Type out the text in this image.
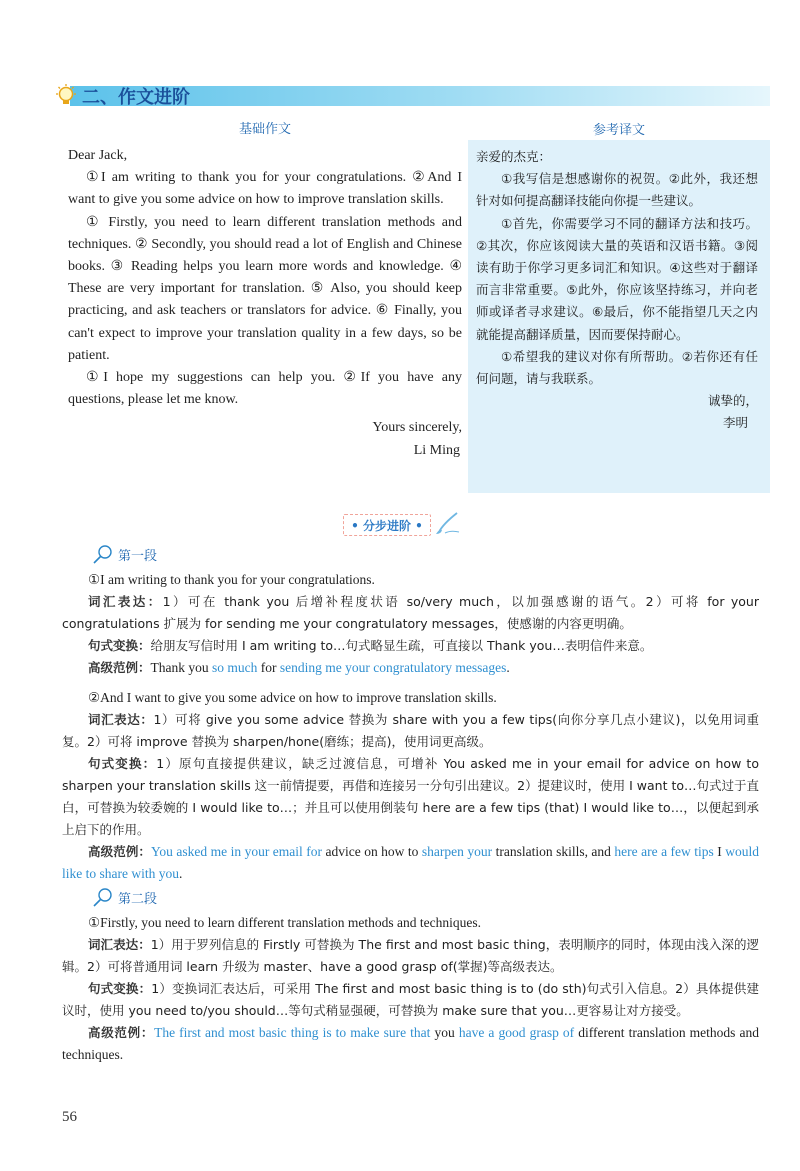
二、作文进阶
基础作文	参考译文

Dear Jack,

①I am writing to thank you for your congratulations. ②And I want to give you some advice on how to improve translation skills.

① Firstly, you need to learn different translation methods and techniques. ② Secondly, you should read a lot of English and Chinese books. ③ Reading helps you learn more words and knowledge. ④ These are very important for translation. ⑤ Also, you should keep practicing, and ask teachers or translators for advice. ⑥ Finally, you can't expect to improve your translation quality in a few days, so be patient.

①I hope my suggestions can help you. ②If you have any questions, please let me know.

Yours sincerely,

Li Ming

亲爱的杰克：

①我写信是想感谢你的祝贺。②此外，我还想针对如何提高翻译技能向你提一些建议。

①首先，你需要学习不同的翻译方法和技巧。②其次，你应该阅读大量的英语和汉语书籍。③阅读有助于你学习更多词汇和知识。④这些对于翻译而言非常重要。⑤此外，你应该坚持练习，并向老师或译者寻求建议。⑥最后，你不能指望几天之内就能提高翻译质量，因而要保持耐心。

①希望我的建议对你有所帮助。②若你还有任何问题，请与我联系。

诚挚的，

李明

• 分步进阶 •
第一段

①I am writing to thank you for your congratulations.

词汇表达：1）可在 thank you 后增补程度状语 so/very much，以加强感谢的语气。2）可将 for your congratulations 扩展为 for sending me your congratulatory messages，使感谢的内容更明确。

句式变换：给朋友写信时用 I am writing to…句式略显生疏，可直接以 Thank you…表明信件来意。

高级范例：Thank you so much for sending me your congratulatory messages.

②And I want to give you some advice on how to improve translation skills.

词汇表达：1）可将 give you some advice 替换为 share with you a few tips(向你分享几点小建议)，以免用词重复。2）可将 improve 替换为 sharpen/hone(磨练；提高)，使用词更高级。

句式变换：1）原句直接提供建议，缺乏过渡信息，可增补 You asked me in your email for advice on how to sharpen your translation skills 这一前情提要，再借和连接另一分句引出建议。2）提建议时，使用 I want to…句式过于直白，可替换为较委婉的 I would like to…；并且可以使用倒装句 here are a few tips (that) I would like to…，以便起到承上启下的作用。

高级范例：You asked me in your email for advice on how to sharpen your translation skills, and here are a few tips I would like to share with you.

第二段

①Firstly, you need to learn different translation methods and techniques.

词汇表达：1）用于罗列信息的 Firstly 可替换为 The first and most basic thing，表明顺序的同时，体现由浅入深的逻辑。2）可将普通用词 learn 升级为 master、have a good grasp of(掌握)等高级表达。

句式变换：1）变换词汇表达后，可采用 The first and most basic thing is to (do sth)句式引入信息。2）具体提供建议时，使用 you need to/you should…等句式稍显强硬，可替换为 make sure that you…更容易让对方接受。

高级范例：The first and most basic thing is to make sure that you have a good grasp of different translation methods and techniques.

56
